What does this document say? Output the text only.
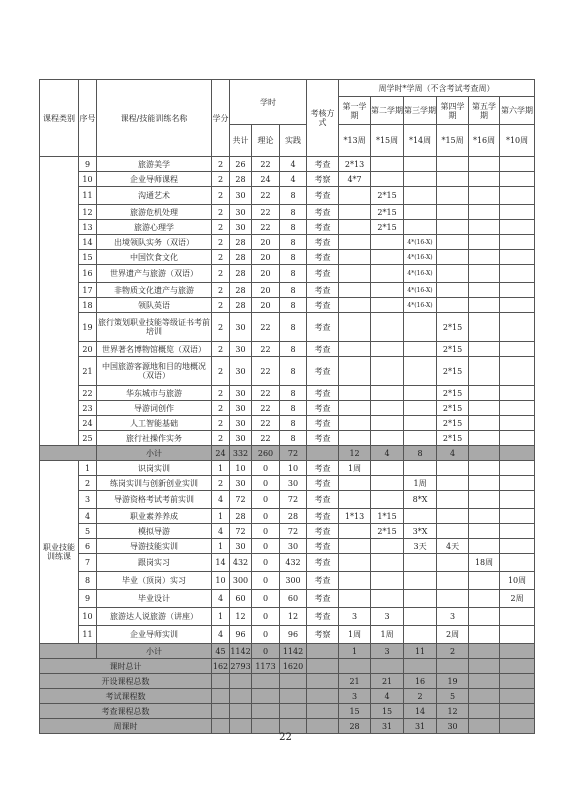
课程类别	序号	课程/技能训练名称	学分	学时			考核方式	周学时*学周（不含考试考查周）					
								第一学期	第二学期	第三学期	第四学期	第五学期	第六学期
				共计	理论	实践		*13周	*15周	*14周	*15周	*16周	*10周
	9	旅游美学	2	26	22	4	考查	2*13					
	10	企业导师课程	2	28	24	4	考察	4*7					
	11	沟通艺术	2	30	22	8	考查		2*15				
	12	旅游危机处理	2	30	22	8	考查		2*15				
	13	旅游心理学	2	30	22	8	考查		2*15				
	14	出境领队实务（双语）	2	28	20	8	考查			4*(16-X)			
	15	中国饮食文化	2	28	20	8	考查			4*(16-X)			
	16	世界遗产与旅游（双语）	2	28	20	8	考查			4*(16-X)			
	17	非物质文化遗产与旅游	2	28	20	8	考查			4*(16-X)			
	18	领队英语	2	28	20	8	考查			4*(16-X)			
	19	旅行策划职业技能等级证书考前培训	2	30	22	8	考查				2*15		
	20	世界著名博物馆概览（双语）	2	30	22	8	考查				2*15		
	21	中国旅游客源地和目的地概况（双语）	2	30	22	8	考查				2*15		
	22	华东城市与旅游	2	30	22	8	考查				2*15		
	23	导游词创作	2	30	22	8	考查				2*15		
	24	人工智能基础	2	30	22	8	考查				2*15		
	25	旅行社操作实务	2	30	22	8	考查				2*15		
		小计	24	332	260	72		12	4	8	4		
职业技能训练课	1	识岗实训	1	10	0	10	考查	1周					
	2	练岗实训与创新创业实训	2	30	0	30	考查			1周			
	3	导游资格考试考前实训	4	72	0	72	考查			8*X			
	4	职业素养养成	1	28	0	28	考查	1*13	1*15				
	5	模拟导游	4	72	0	72	考查		2*15	3*X			
	6	导游技能实训	1	30	0	30	考查			3天	4天		
	7	跟岗实习	14	432	0	432	考查					18周	
	8	毕业（顶岗）实习	10	300	0	300	考查						10周
	9	毕业设计	4	60	0	60	考查						2周
	10	旅游达人说旅游（讲座）	1	12	0	12	考查	3	3		3		
	11	企业导师实训	4	96	0	96	考察	1周	1周		2周		
		小计	45	1142	0	1142		1	3	11	2		
课时总计			162	2793	1173	1620							
开设课程总数								21	21	16	19		
考试课程数								3	4	2	5		
考查课程总数								15	15	14	12		
周课时								28	31	31	30		
22
